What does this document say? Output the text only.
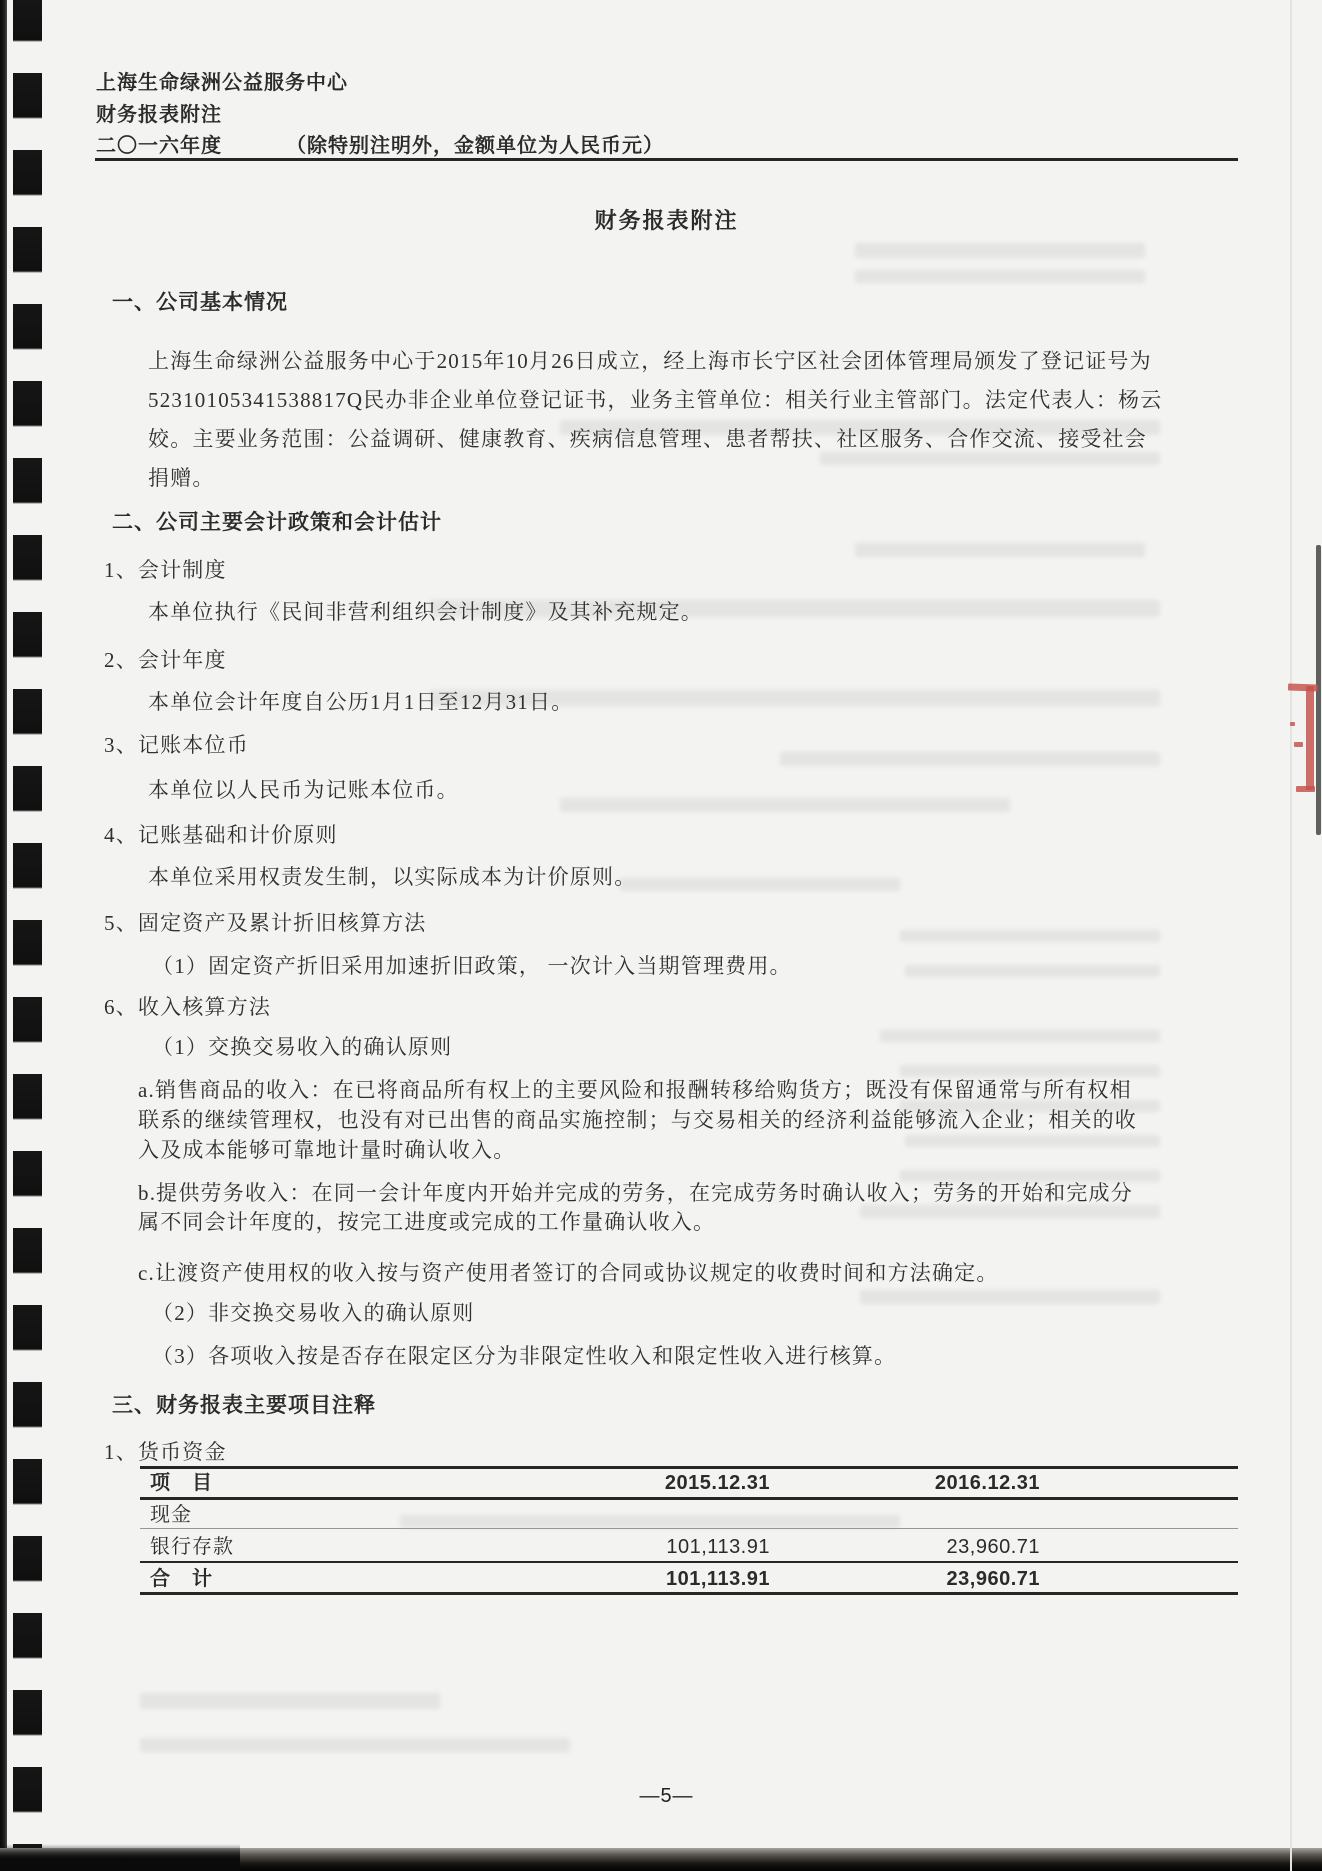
上海生命绿洲公益服务中心
财务报表附注
二〇一六年度	（除特别注明外，金额单位为人民币元）
财务报表附注
一、公司基本情况
上海生命绿洲公益服务中心于2015年10月26日成立，经上海市长宁区社会团体管理局颁发了登记证号为
52310105341538817Q民办非企业单位登记证书，业务主管单位：相关行业主管部门。法定代表人：杨云
姣。主要业务范围：公益调研、健康教育、疾病信息管理、患者帮扶、社区服务、合作交流、接受社会
捐赠。
二、公司主要会计政策和会计估计
1、会计制度
本单位执行《民间非营利组织会计制度》及其补充规定。
2、会计年度
本单位会计年度自公历1月1日至12月31日。
3、记账本位币
本单位以人民币为记账本位币。
4、记账基础和计价原则
本单位采用权责发生制，以实际成本为计价原则。
5、固定资产及累计折旧核算方法
（1）固定资产折旧采用加速折旧政策， 一次计入当期管理费用。
6、收入核算方法
（1）交换交易收入的确认原则
a.销售商品的收入：在已将商品所有权上的主要风险和报酬转移给购货方；既没有保留通常与所有权相
联系的继续管理权，也没有对已出售的商品实施控制；与交易相关的经济利益能够流入企业；相关的收
入及成本能够可靠地计量时确认收入。
b.提供劳务收入：在同一会计年度内开始并完成的劳务，在完成劳务时确认收入；劳务的开始和完成分
属不同会计年度的，按完工进度或完成的工作量确认收入。
c.让渡资产使用权的收入按与资产使用者签订的合同或协议规定的收费时间和方法确定。
（2）非交换交易收入的确认原则
（3）各项收入按是否存在限定区分为非限定性收入和限定性收入进行核算。
三、财务报表主要项目注释
1、货币资金
项　目	2015.12.31	2016.12.31
现金
银行存款	101,113.91	23,960.71
合　计	101,113.91	23,960.71
—5—
